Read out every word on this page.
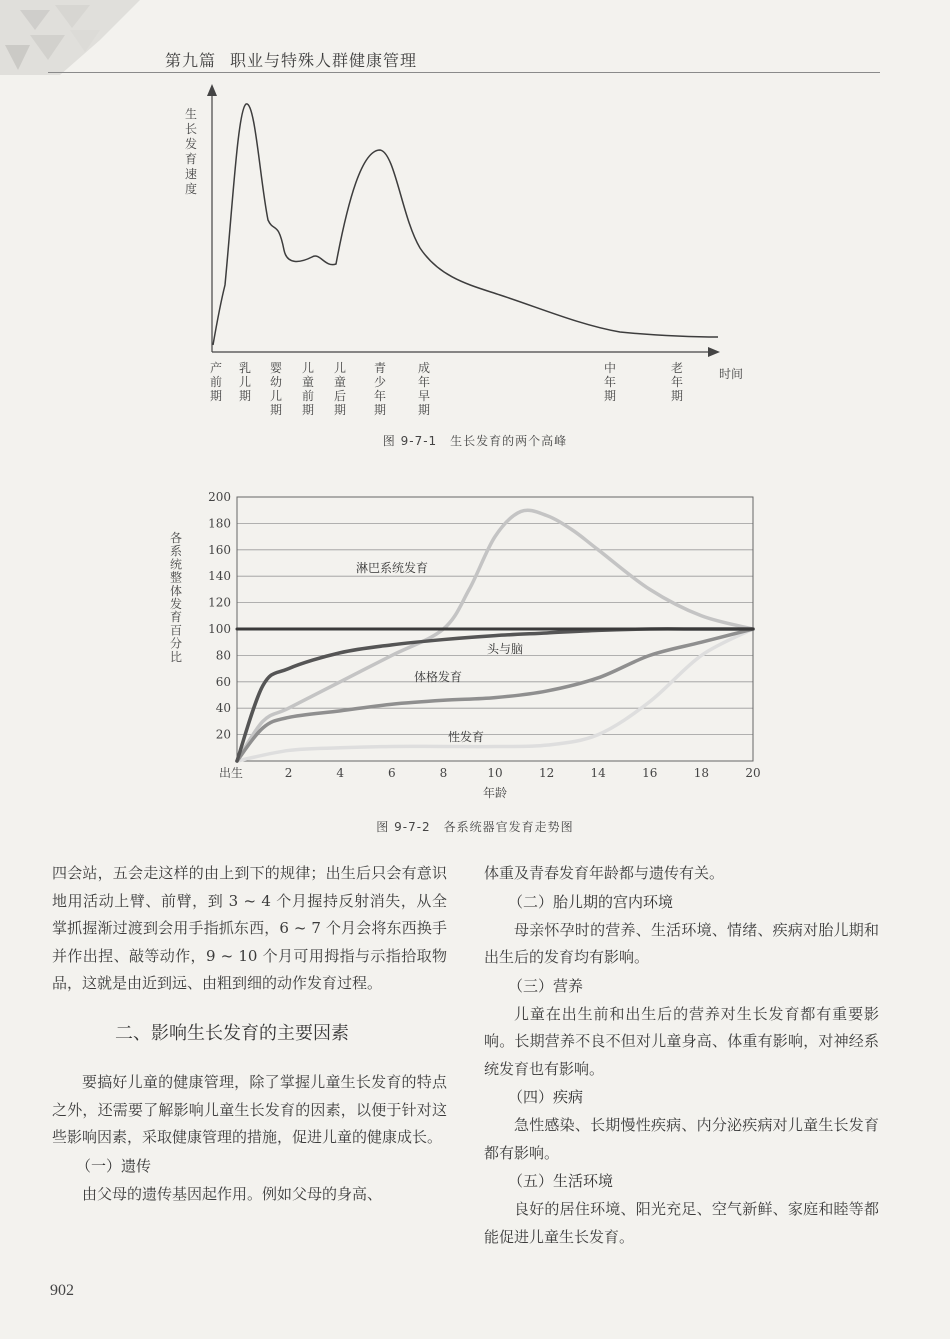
第九篇 职业与特殊人群健康管理
生
长
发
育
速
度
产
前
期
乳
儿
期
婴
幼
儿
期
儿
童
前
期
儿
童
后
期
青
少
年
期
成
年
早
期
中
年
期
老
年
期
时间
图 9-7-1　生长发育的两个高峰
20
40
60
80
100
120
140
160
180
200
出生	2	4	6	8	10	12	14	16	18	20
年龄
各
系
统
整
体
发
育
百
分
比
淋巴系统发育
头与脑
体格发育
性发育
图 9-7-2　各系统器官发育走势图

四会站，五会走这样的由上到下的规律；出生后只会有意识地用活动上臂、前臂，到 3 ~ 4 个月握持反射消失，从全掌抓握渐过渡到会用手指抓东西，6 ~ 7 个月会将东西换手并作出捏、敲等动作，9 ~ 10 个月可用拇指与示指拾取物品，这就是由近到远、由粗到细的动作发育过程。

二、影响生长发育的主要因素

要搞好儿童的健康管理，除了掌握儿童生长发育的特点之外，还需要了解影响儿童生长发育的因素，以便于针对这些影响因素，采取健康管理的措施，促进儿童的健康成长。

（一）遗传

由父母的遗传基因起作用。例如父母的身高、

体重及青春发育年龄都与遗传有关。

（二）胎儿期的宫内环境

母亲怀孕时的营养、生活环境、情绪、疾病对胎儿期和出生后的发育均有影响。

（三）营养

儿童在出生前和出生后的营养对生长发育都有重要影响。长期营养不良不但对儿童身高、体重有影响，对神经系统发育也有影响。

（四）疾病

急性感染、长期慢性疾病、内分泌疾病对儿童生长发育都有影响。

（五）生活环境

良好的居住环境、阳光充足、空气新鲜、家庭和睦等都能促进儿童生长发育。

902
